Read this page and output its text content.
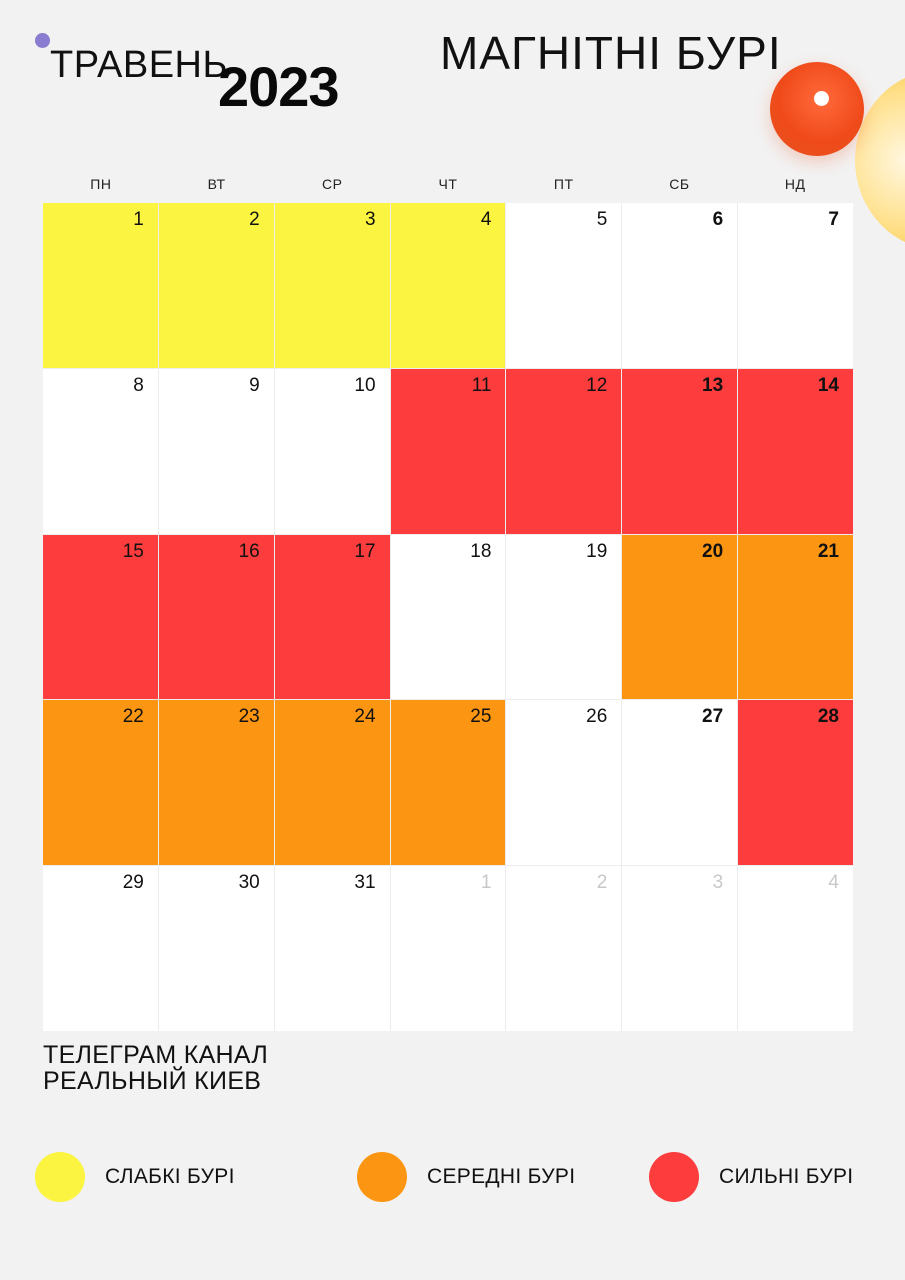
ТРАВЕНЬ
2023
МАГНІТНІ БУРІ
ПН	ВТ	СР	ЧТ	ПТ	СБ	НД
1	2	3	4	5	6	7
8	9	10	11	12	13	14
15	16	17	18	19	20	21
22	23	24	25	26	27	28
29	30	31	1	2	3	4
ТЕЛЕГРАМ КАНАЛ
РЕАЛЬНЫЙ КИЕВ
СЛАБКІ БУРІ	СЕРЕДНІ БУРІ	СИЛЬНІ БУРІ
